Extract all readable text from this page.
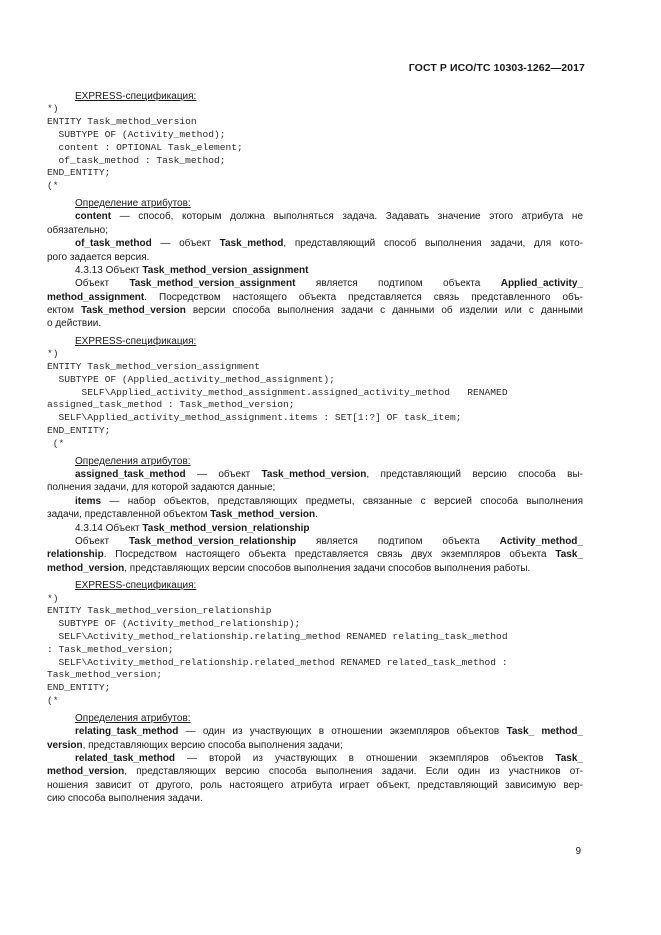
ГОСТ Р ИСО/ТС 10303-1262—2017
EXPRESS-спецификация:
*)
ENTITY Task_method_version
SUBTYPE OF (Activity_method);
content : OPTIONAL Task_element;
of_task_method : Task_method;
END_ENTITY;
(*
Определение атрибутов:
content — способ, которым должна выполняться задача. Задавать значение этого атрибута не
обязательно;
of_task_method — объект Task_method, представляющий способ выполнения задачи, для кото-
рого задается версия.
4.3.13 Объект Task_method_version_assignment
Объект Task_method_version_assignment является подтипом объекта Applied_activity_
method_assignment. Посредством настоящего объекта представляется связь представленного объ-
ектом Task_method_version версии способа выполнения задачи с данными об изделии или с данными
о действии.
EXPRESS-спецификация:
*)
ENTITY Task_method_version_assignment
SUBTYPE OF (Applied_activity_method_assignment);
SELF\Applied_activity_method_assignment.assigned_activity_method   RENAMED
assigned_task_method : Task_method_version;
SELF\Applied_activity_method_assignment.items : SET[1:?] OF task_item;
END_ENTITY;
(*
Определения атрибутов:
assigned_task_method — объект Task_method_version, представляющий версию способа вы-
полнения задачи, для которой задаются данные;
items — набор объектов, представляющих предметы, связанные с версией способа выполнения
задачи, представленной объектом Task_method_version.
4.3.14 Объект Task_method_version_relationship
Объект Task_method_version_relationship является подтипом объекта Activity_method_
relationship. Посредством настоящего объекта представляется связь двух экземпляров объекта Task_
method_version, представляющих версии способов выполнения задачи способов выполнения работы.
EXPRESS-спецификация:
*)
ENTITY Task_method_version_relationship
SUBTYPE OF (Activity_method_relationship);
SELF\Activity_method_relationship.relating_method RENAMED relating_task_method
: Task_method_version;
SELF\Activity_method_relationship.related_method RENAMED related_task_method :
Task_method_version;
END_ENTITY;
(*
Определения атрибутов:
relating_task_method — один из участвующих в отношении экземпляров объектов Task_ method_
version, представляющих версию способа выполнения задачи;
related_task_method — второй из участвующих в отношении экземпляров объектов Task_
method_version, представляющих версию способа выполнения задачи. Если один из участников от-
ношения зависит от другого, роль настоящего атрибута играет объект, представляющий зависимую вер-
сию способа выполнения задачи.
9
